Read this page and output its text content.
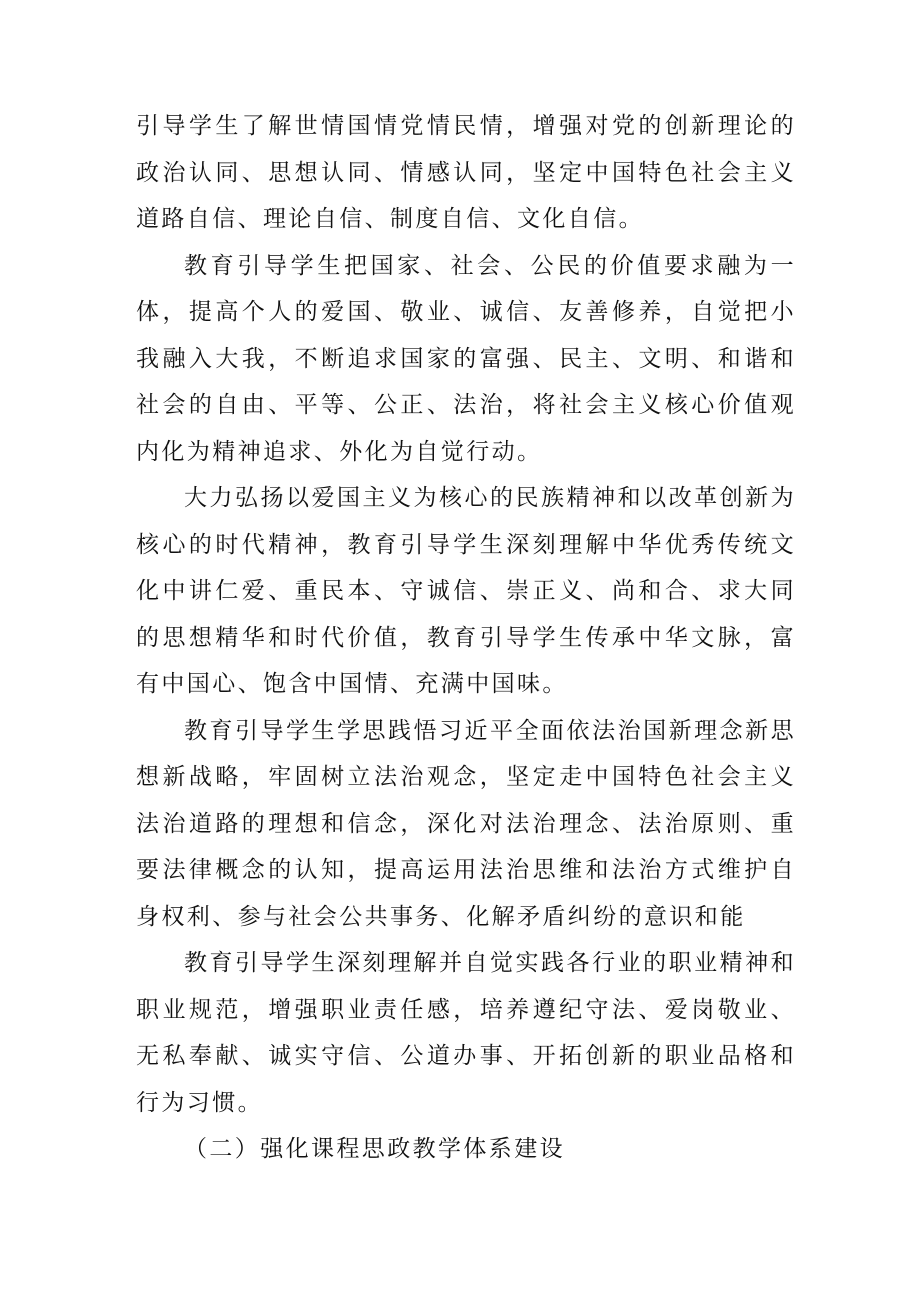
引导学生了解世情国情党情民情，增强对党的创新理论的政治认同、思想认同、情感认同，坚定中国特色社会主义道路自信、理论自信、制度自信、文化自信。

教育引导学生把国家、社会、公民的价值要求融为一体，提高个人的爱国、敬业、诚信、友善修养，自觉把小我融入大我，不断追求国家的富强、民主、文明、和谐和社会的自由、平等、公正、法治，将社会主义核心价值观内化为精神追求、外化为自觉行动。

大力弘扬以爱国主义为核心的民族精神和以改革创新为核心的时代精神，教育引导学生深刻理解中华优秀传统文化中讲仁爱、重民本、守诚信、崇正义、尚和合、求大同的思想精华和时代价值，教育引导学生传承中华文脉，富有中国心、饱含中国情、充满中国味。

教育引导学生学思践悟习近平全面依法治国新理念新思想新战略，牢固树立法治观念，坚定走中国特色社会主义法治道路的理想和信念，深化对法治理念、法治原则、重要法律概念的认知，提高运用法治思维和法治方式维护自身权利、参与社会公共事务、化解矛盾纠纷的意识和能

教育引导学生深刻理解并自觉实践各行业的职业精神和职业规范，增强职业责任感，培养遵纪守法、爱岗敬业、无私奉献、诚实守信、公道办事、开拓创新的职业品格和行为习惯。

（二）强化课程思政教学体系建设
